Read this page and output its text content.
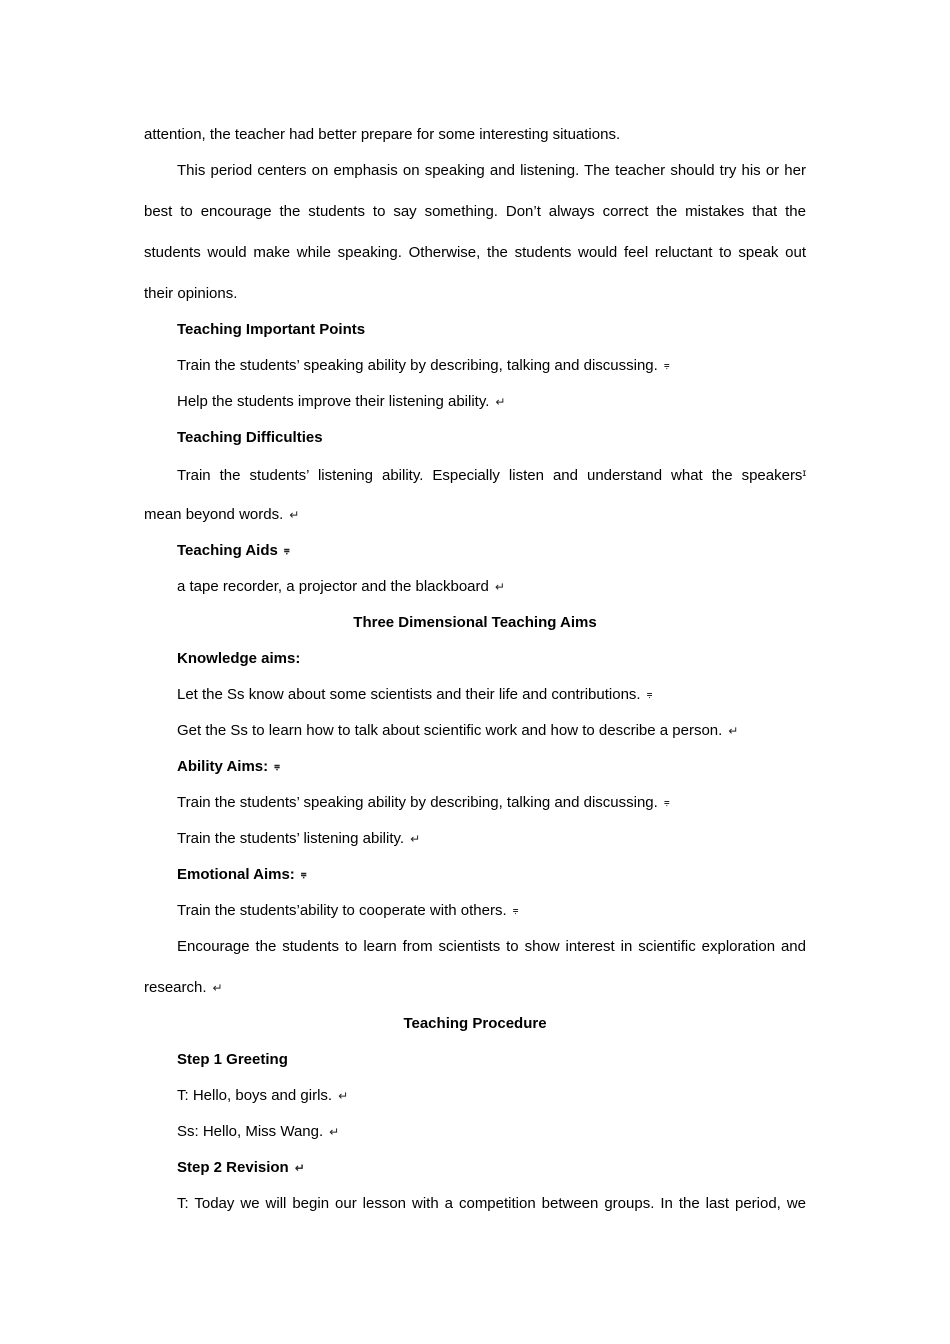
attention, the teacher had better prepare for some interesting situations.
This period centers on emphasis on speaking and listening. The teacher should try his or her
best to encourage the students to say something. Don’t always correct the mistakes that the
students would make while speaking. Otherwise, the students would feel reluctant to speak out
their opinions.
Teaching Important Points
Train the students’ speaking ability by describing, talking and discussing. ⩦
Help the students improve their listening ability. ↵
Teaching Difficulties
Train the students’ listening ability. Especially listen and understand what the speakers$^ɪ$
mean beyond words. ↵
Teaching Aids ⩦
a tape recorder, a projector and the blackboard ↵
Three Dimensional Teaching Aims
Knowledge aims:
Let the Ss know about some scientists and their life and contributions. ⩦
Get the Ss to learn how to talk about scientific work and how to describe a person. ↵
Ability Aims: ⩦
Train the students’ speaking ability by describing, talking and discussing. ⩦
Train the students’ listening ability. ↵
Emotional Aims: ⩦
Train the students’ability to cooperate with others. ⩦
Encourage the students to learn from scientists to show interest in scientific exploration and
research. ↵
Teaching Procedure
Step 1 Greeting
T: Hello, boys and girls. ↵
Ss: Hello, Miss Wang. ↵
Step 2 Revision ↵
T: Today we will begin our lesson with a competition between groups. In the last period, we
